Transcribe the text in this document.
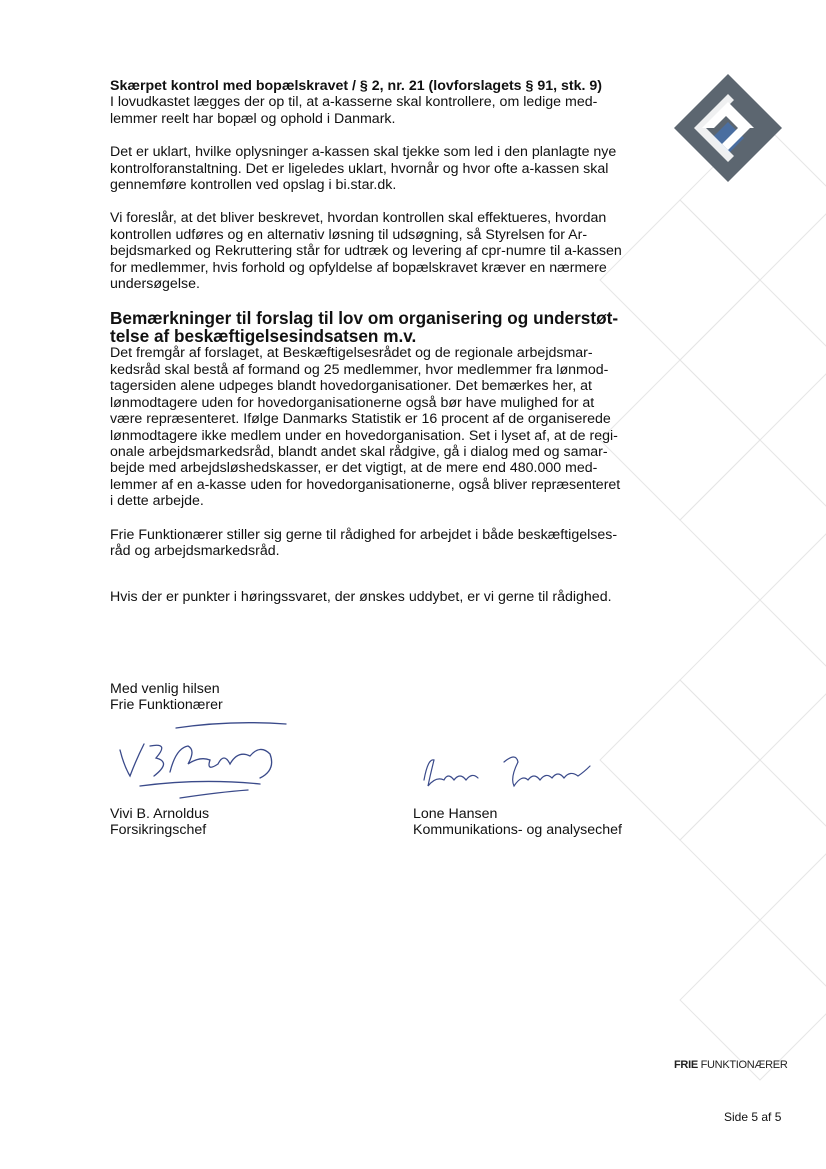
Skærpet kontrol med bopælskravet / § 2, nr. 21 (lovforslagets § 91, stk. 9)

I lovudkastet lægges der op til, at a-kasserne skal kontrollere, om ledige med-

lemmer reelt har bopæl og ophold i Danmark.

Det er uklart, hvilke oplysninger a-kassen skal tjekke som led i den planlagte nye

kontrolforanstaltning. Det er ligeledes uklart, hvornår og hvor ofte a-kassen skal

gennemføre kontrollen ved opslag i bi.star.dk.

Vi foreslår, at det bliver beskrevet, hvordan kontrollen skal effektueres, hvordan

kontrollen udføres og en alternativ løsning til udsøgning, så Styrelsen for Ar-

bejdsmarked og Rekruttering står for udtræk og levering af cpr-numre til a-kassen

for medlemmer, hvis forhold og opfyldelse af bopælskravet kræver en nærmere

undersøgelse.

Bemærkninger til forslag til lov om organisering og understøt-

telse af beskæftigelsesindsatsen m.v.

Det fremgår af forslaget, at Beskæftigelsesrådet og de regionale arbejdsmar-

kedsråd skal bestå af formand og 25 medlemmer, hvor medlemmer fra lønmod-

tagersiden alene udpeges blandt hovedorganisationer. Det bemærkes her, at

lønmodtagere uden for hovedorganisationerne også bør have mulighed for at

være repræsenteret. Ifølge Danmarks Statistik er 16 procent af de organiserede

lønmodtagere ikke medlem under en hovedorganisation. Set i lyset af, at de regi-

onale arbejdsmarkedsråd, blandt andet skal rådgive, gå i dialog med og samar-

bejde med arbejdsløshedskasser, er det vigtigt, at de mere end 480.000 med-

lemmer af en a-kasse uden for hovedorganisationerne, også bliver repræsenteret

i dette arbejde.

Frie Funktionærer stiller sig gerne til rådighed for arbejdet i både beskæftigelses-

råd og arbejdsmarkedsråd.

Hvis der er punkter i høringssvaret, der ønskes uddybet, er vi gerne til rådighed.

Med venlig hilsen
Frie Funktionærer
Vivi B. Arnoldus
Forsikringschef
Lone Hansen
Kommunikations- og analysechef
FRIE FUNKTIONÆRER
Side 5 af 5
